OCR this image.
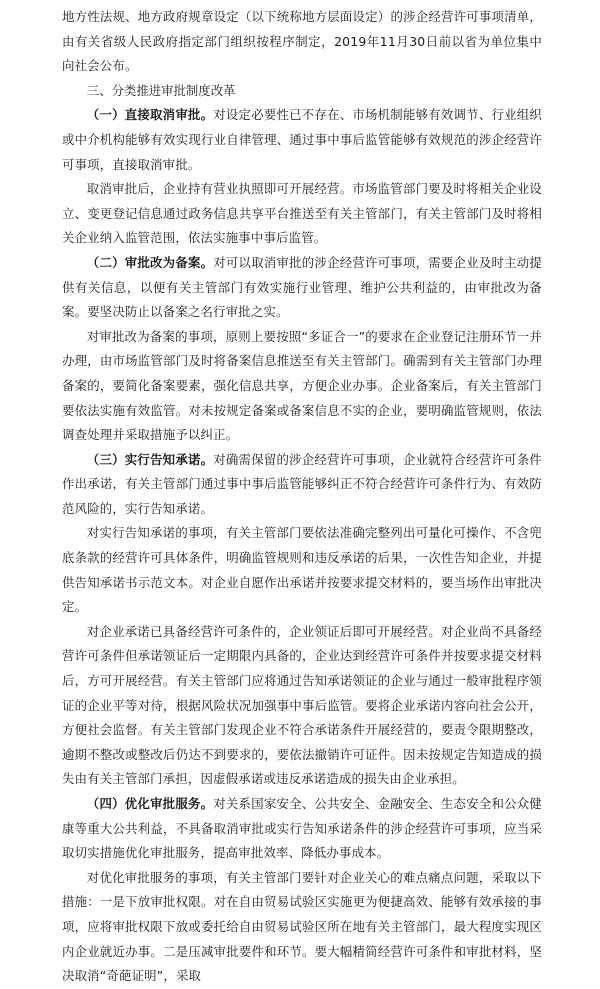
地方性法规、地方政府规章设定（以下统称地方层面设定）的涉企经营许可事项清单，由有关省级人民政府指定部门组织按程序制定，2019年11月30日前以省为单位集中向社会公布。

三、分类推进审批制度改革

（一）直接取消审批。对设定必要性已不存在、市场机制能够有效调节、行业组织或中介机构能够有效实现行业自律管理、通过事中事后监管能够有效规范的涉企经营许可事项，直接取消审批。

取消审批后，企业持有营业执照即可开展经营。市场监管部门要及时将相关企业设立、变更登记信息通过政务信息共享平台推送至有关主管部门，有关主管部门及时将相关企业纳入监管范围，依法实施事中事后监管。

（二）审批改为备案。对可以取消审批的涉企经营许可事项，需要企业及时主动提供有关信息，以便有关主管部门有效实施行业管理、维护公共利益的，由审批改为备案。要坚决防止以备案之名行审批之实。

对审批改为备案的事项，原则上要按照“多证合一”的要求在企业登记注册环节一并办理，由市场监管部门及时将备案信息推送至有关主管部门。确需到有关主管部门办理备案的，要简化备案要素，强化信息共享，方便企业办事。企业备案后，有关主管部门要依法实施有效监管。对未按规定备案或备案信息不实的企业，要明确监管规则，依法调查处理并采取措施予以纠正。

（三）实行告知承诺。对确需保留的涉企经营许可事项，企业就符合经营许可条件作出承诺，有关主管部门通过事中事后监管能够纠正不符合经营许可条件行为、有效防范风险的，实行告知承诺。

对实行告知承诺的事项，有关主管部门要依法准确完整列出可量化可操作、不含兜底条款的经营许可具体条件，明确监管规则和违反承诺的后果，一次性告知企业，并提供告知承诺书示范文本。对企业自愿作出承诺并按要求提交材料的，要当场作出审批决定。

对企业承诺已具备经营许可条件的，企业领证后即可开展经营。对企业尚不具备经营许可条件但承诺领证后一定期限内具备的，企业达到经营许可条件并按要求提交材料后，方可开展经营。有关主管部门应将通过告知承诺领证的企业与通过一般审批程序领证的企业平等对待，根据风险状况加强事中事后监管。要将企业承诺内容向社会公开，方便社会监督。有关主管部门发现企业不符合承诺条件开展经营的，要责令限期整改，逾期不整改或整改后仍达不到要求的，要依法撤销许可证件。因未按规定告知造成的损失由有关主管部门承担，因虚假承诺或违反承诺造成的损失由企业承担。

（四）优化审批服务。对关系国家安全、公共安全、金融安全、生态安全和公众健康等重大公共利益，不具备取消审批或实行告知承诺条件的涉企经营许可事项，应当采取切实措施优化审批服务，提高审批效率、降低办事成本。

对优化审批服务的事项，有关主管部门要针对企业关心的难点痛点问题，采取以下措施：一是下放审批权限。对在自由贸易试验区实施更为便捷高效、能够有效承接的事项，应将审批权限下放或委托给自由贸易试验区所在地有关主管部门，最大程度实现区内企业就近办事。二是压减审批要件和环节。要大幅精简经营许可条件和审批材料，坚决取消“奇葩证明”，采取
